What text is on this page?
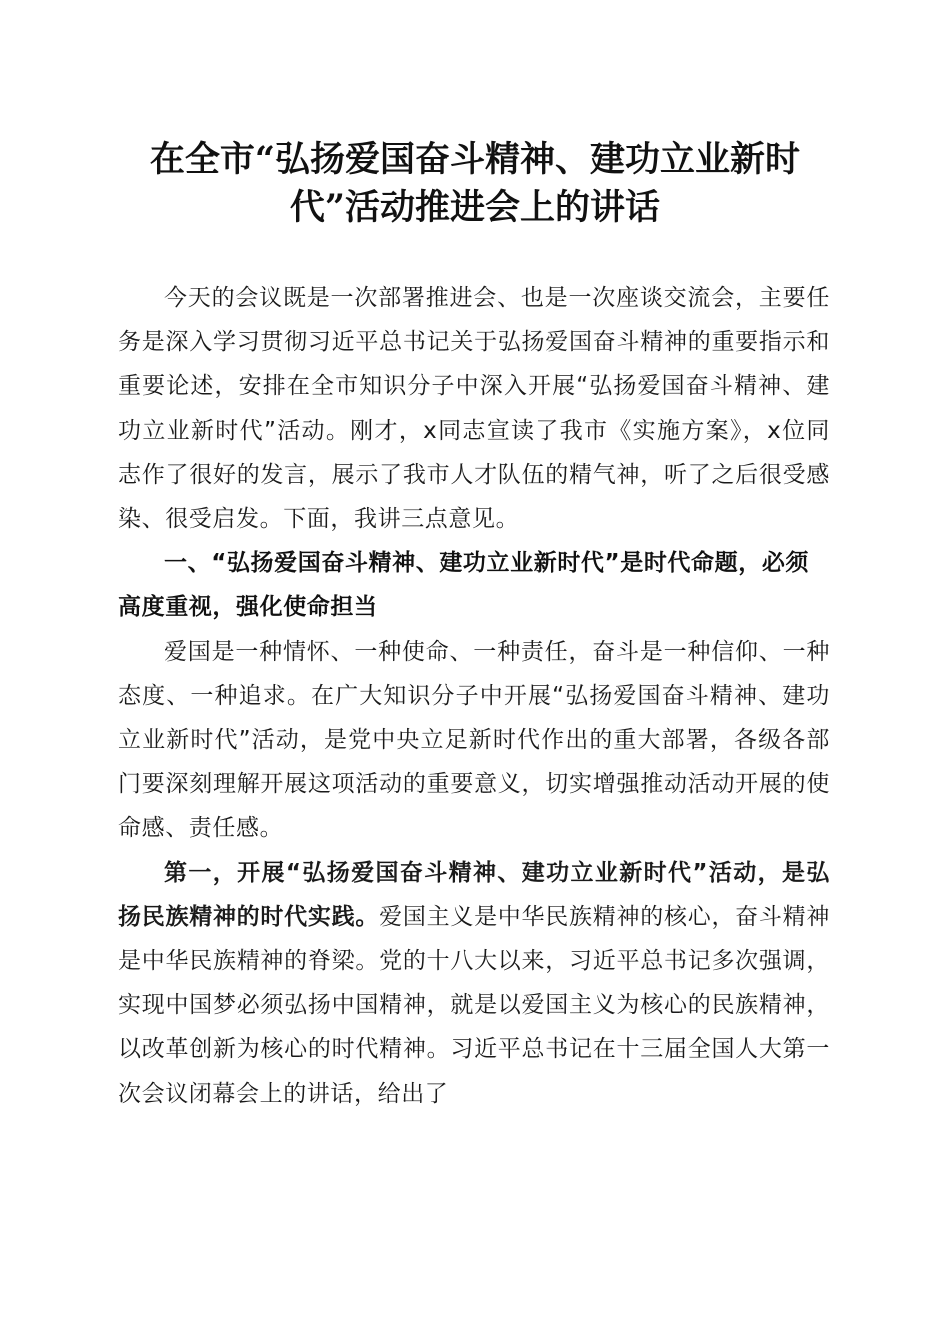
在全市“弘扬爱国奋斗精神、建功立业新时代”活动推进会上的讲话

今天的会议既是一次部署推进会、也是一次座谈交流会，主要任务是深入学习贯彻习近平总书记关于弘扬爱国奋斗精神的重要指示和重要论述，安排在全市知识分子中深入开展“弘扬爱国奋斗精神、建功立业新时代”活动。刚才，x同志宣读了我市《实施方案》，x位同志作了很好的发言，展示了我市人才队伍的精气神，听了之后很受感染、很受启发。下面，我讲三点意见。

一、“弘扬爱国奋斗精神、建功立业新时代”是时代命题，必须高度重视，强化使命担当

爱国是一种情怀、一种使命、一种责任，奋斗是一种信仰、一种态度、一种追求。在广大知识分子中开展“弘扬爱国奋斗精神、建功立业新时代”活动，是党中央立足新时代作出的重大部署，各级各部门要深刻理解开展这项活动的重要意义，切实增强推动活动开展的使命感、责任感。

第一，开展“弘扬爱国奋斗精神、建功立业新时代”活动，是弘扬民族精神的时代实践。爱国主义是中华民族精神的核心，奋斗精神是中华民族精神的脊梁。党的十八大以来，习近平总书记多次强调，实现中国梦必须弘扬中国精神，就是以爱国主义为核心的民族精神，以改革创新为核心的时代精神。习近平总书记在十三届全国人大第一次会议闭幕会上的讲话，给出了
